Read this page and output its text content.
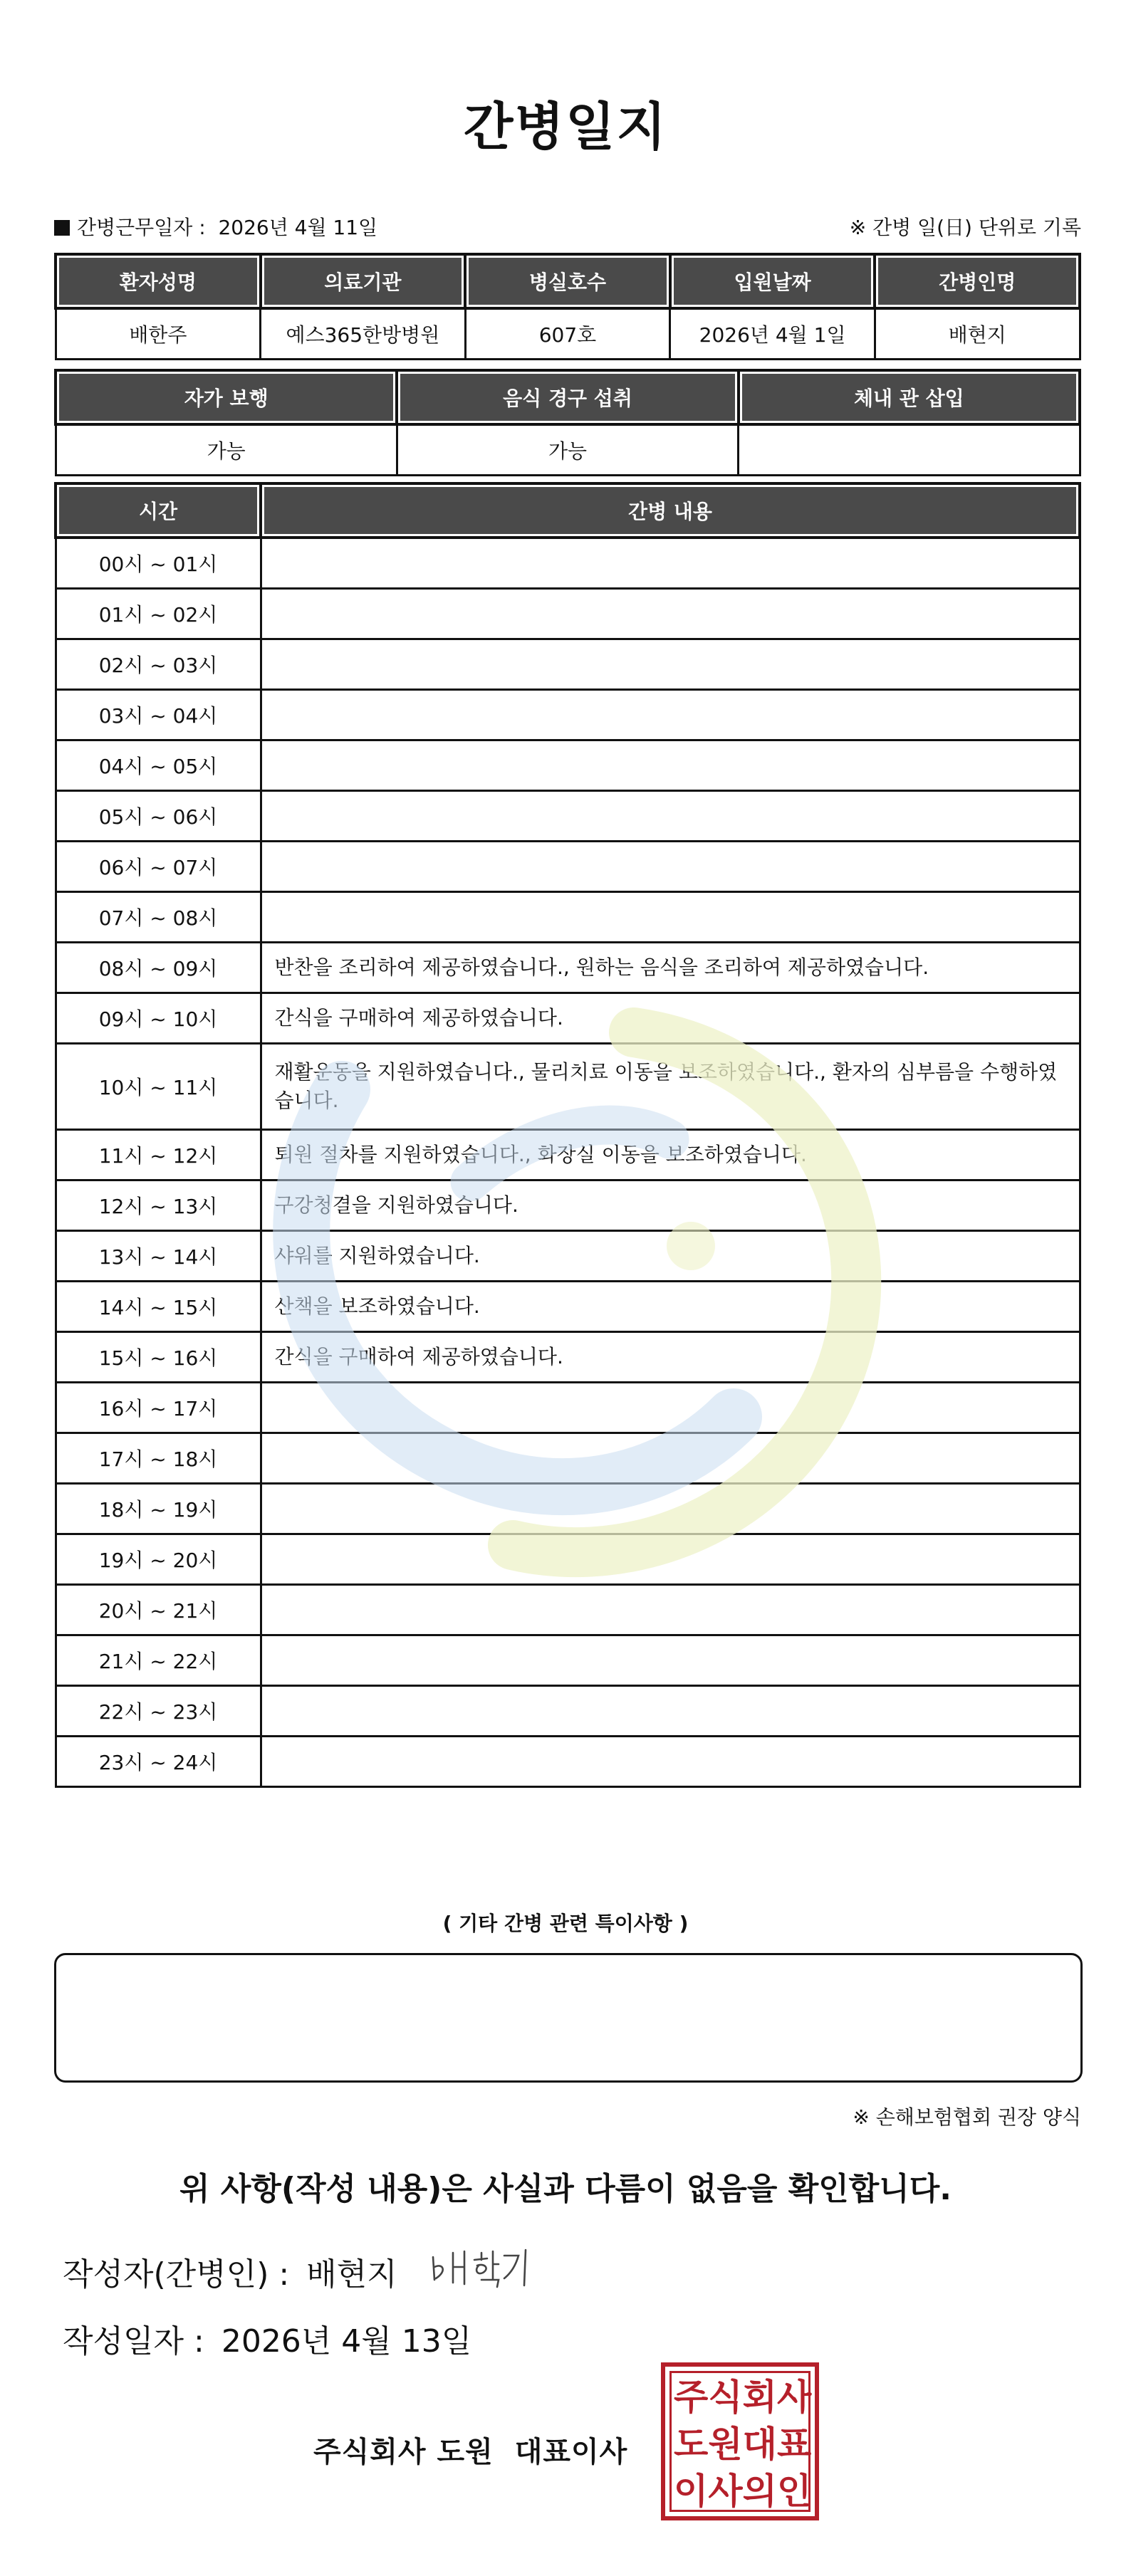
간병일지
간병근무일자 : 2026년 4월 11일	※ 간병 일(日) 단위로 기록
환자성명	의료기관	병실호수	입원날짜	간병인명
배한주	예스365한방병원	607호	2026년 4월 1일	배현지
자가 보행	음식 경구 섭취	체내 관 삽입
가능	가능	
시간	간병 내용
00시 ~ 01시	
01시 ~ 02시	
02시 ~ 03시	
03시 ~ 04시	
04시 ~ 05시	
05시 ~ 06시	
06시 ~ 07시	
07시 ~ 08시	
08시 ~ 09시	반찬을 조리하여 제공하였습니다., 원하는 음식을 조리하여 제공하였습니다.
09시 ~ 10시	간식을 구매하여 제공하였습니다.
10시 ~ 11시	재활운동을 지원하였습니다., 물리치료 이동을 보조하였습니다., 환자의 심부름을 수행하였습니다.
11시 ~ 12시	퇴원 절차를 지원하였습니다., 화장실 이동을 보조하였습니다.
12시 ~ 13시	구강청결을 지원하였습니다.
13시 ~ 14시	샤워를 지원하였습니다.
14시 ~ 15시	산책을 보조하였습니다.
15시 ~ 16시	간식을 구매하여 제공하였습니다.
16시 ~ 17시	
17시 ~ 18시	
18시 ~ 19시	
19시 ~ 20시	
20시 ~ 21시	
21시 ~ 22시	
22시 ~ 23시	
23시 ~ 24시	
( 기타 간병 관련 특이사항 )
※ 손해보험협회 권장 양식
위 사항(작성 내용)은 사실과 다름이 없음을 확인합니다.
작성자(간병인) : 배현지
작성일자 : 2026년 4월 13일
주식회사 도원 대표이사
주 식 회 사
도 원 대 표
이 사 의 인
